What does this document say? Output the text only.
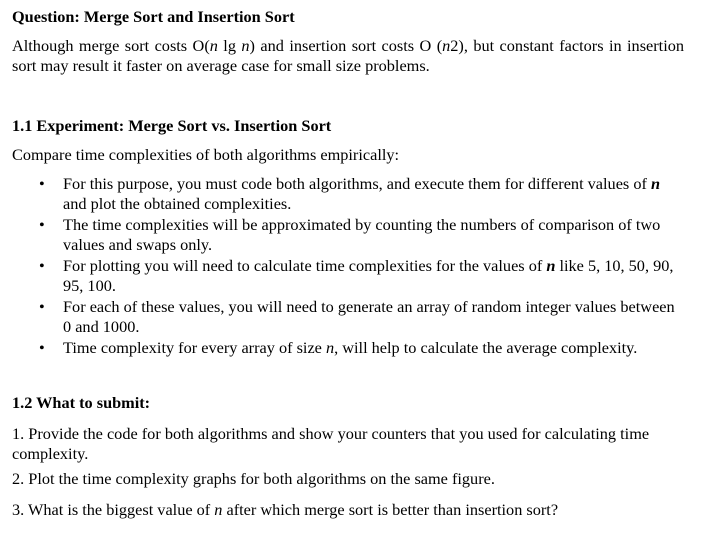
Question: Merge Sort and Insertion Sort
Although merge sort costs O(n lg n) and insertion sort costs O (n2), but constant factors in insertion sort may result it faster on average case for small size problems.
1.1 Experiment: Merge Sort vs. Insertion Sort
Compare time complexities of both algorithms empirically:
• For this purpose, you must code both algorithms, and execute them for different values of n and plot the obtained complexities.
• The time complexities will be approximated by counting the numbers of comparison of two values and swaps only.
• For plotting you will need to calculate time complexities for the values of n like 5, 10, 50, 90, 95, 100.
• For each of these values, you will need to generate an array of random integer values between 0 and 1000.
• Time complexity for every array of size n, will help to calculate the average complexity.
1.2 What to submit:
1. Provide the code for both algorithms and show your counters that you used for calculating time complexity.
2. Plot the time complexity graphs for both algorithms on the same figure.
3. What is the biggest value of n after which merge sort is better than insertion sort?
